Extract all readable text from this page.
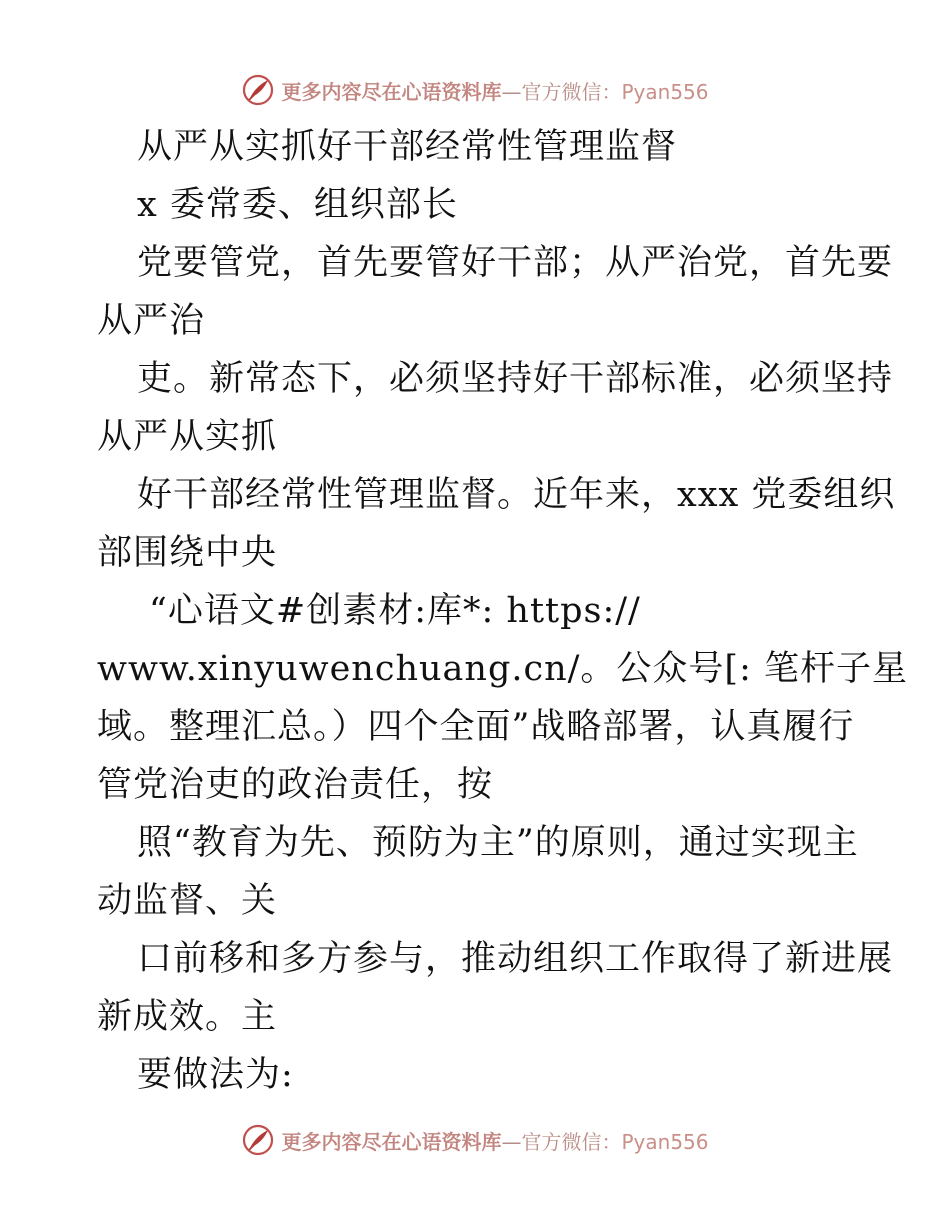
更多内容尽在心语资料库—官方微信：Pyan556
从严从实抓好干部经常性管理监督
x 委常委、组织部长
党要管党，首先要管好干部；从严治党，首先要
从严治
吏。新常态下，必须坚持好干部标准，必须坚持
从严从实抓
好干部经常性管理监督。近年来，xxx 党委组织
部围绕中央
“心语文#创素材:库*: https://
www.xinyuwenchuang.cn/。公众号[: 笔杆子星
域。整理汇总。）四个全面”战略部署，认真履行
管党治吏的政治责任，按
照“教育为先、预防为主”的原则，通过实现主
动监督、关
口前移和多方参与，推动组织工作取得了新进展
新成效。主
要做法为:
更多内容尽在心语资料库—官方微信：Pyan556
